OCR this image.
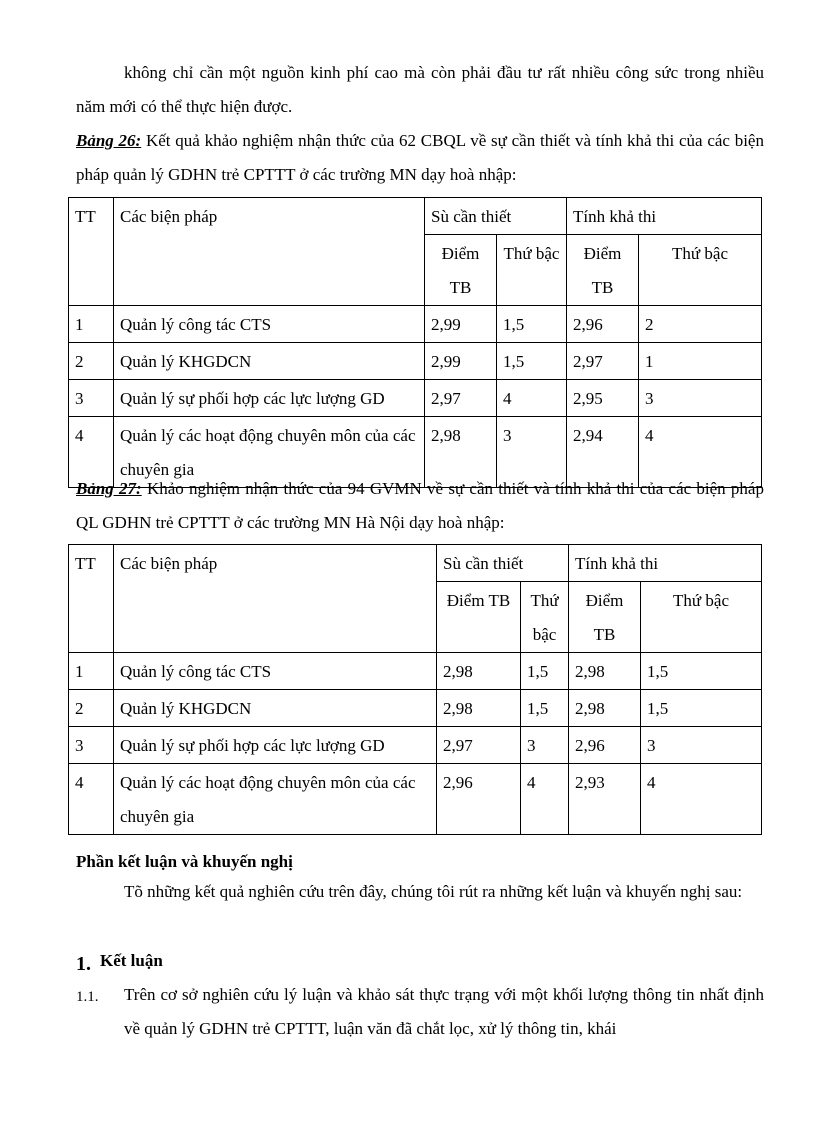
không chỉ cần một nguồn kinh phí cao mà còn phải đầu tư rất nhiều công sức trong nhiều năm mới có thể thực hiện được.

Bảng 26: Kết quả khảo nghiệm nhận thức của 62 CBQL về sự cần thiết và tính khả thi của các biện pháp quản lý GDHN trẻ CPTTT ở các trường MN dạy hoà nhập:

TT	Các biện pháp	Sù cần thiết		Tính khả thi	
		Điểm TB	Thứ bậc	Điểm TB	Thứ bậc
1	Quản lý công tác CTS	2,99	1,5	2,96	2
2	Quản lý KHGDCN	2,99	1,5	2,97	1
3	Quản lý sự phối hợp các lực lượng GD	2,97	4	2,95	3
4	Quản lý các hoạt động chuyên môn của các chuyên gia	2,98	3	2,94	4

Bảng 27: Khảo nghiệm nhận thức của 94 GVMN về sự cần thiết và tính khả thi của các biện pháp QL GDHN trẻ CPTTT ở các trường MN Hà Nội dạy hoà nhập:

TT	Các biện pháp	Sù cần thiết		Tính khả thi	
		Điểm TB	Thứ bậc	Điểm TB	Thứ bậc
1	Quản lý công tác CTS	2,98	1,5	2,98	1,5
2	Quản lý KHGDCN	2,98	1,5	2,98	1,5
3	Quản lý sự phối hợp các lực lượng GD	2,97	3	2,96	3
4	Quản lý các hoạt động chuyên môn của các chuyên gia	2,96	4	2,93	4
Phần kết luận và khuyến nghị

Tõ những kết quả nghiên cứu trên đây, chúng tôi rút ra những kết luận và khuyến nghị sau:

1. Kết luận
1.1. Trên cơ sở nghiên cứu lý luận và khảo sát thực trạng với một khối lượng thông tin nhất định về quản lý GDHN trẻ CPTTT, luận văn đã chắt lọc, xử lý thông tin, khái
